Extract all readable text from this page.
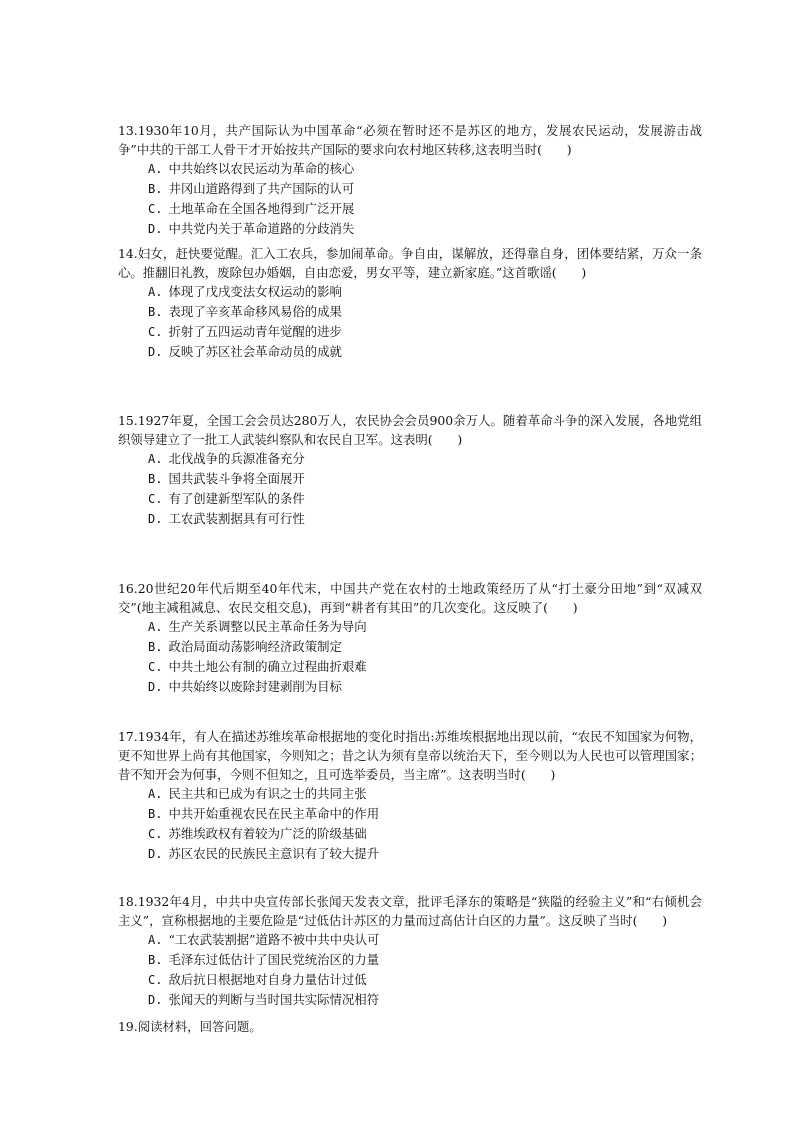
13.1930年10月，共产国际认为中国革命“必须在暂时还不是苏区的地方，发展农民运动，发展游击战争”中共的干部工人骨干才开始按共产国际的要求向农村地区转移,这表明当时(　　)

A. 中共始终以农民运动为革命的核心
B. 井冈山道路得到了共产国际的认可
C. 土地革命在全国各地得到广泛开展
D. 中共党内关于革命道路的分歧消失

14.妇女，赶快要觉醒。汇入工农兵，参加闹革命。争自由，谋解放，还得靠自身，团体要结紧，万众一条心。推翻旧礼教，废除包办婚姻，自由恋爱，男女平等，建立新家庭。”这首歌谣(　　)

A. 体现了戊戌变法女权运动的影响
B. 表现了辛亥革命移风易俗的成果
C. 折射了五四运动青年觉醒的进步
D. 反映了苏区社会革命动员的成就

15.1927年夏，全国工会会员达280万人，农民协会会员900余万人。随着革命斗争的深入发展，各地党组织领导建立了一批工人武装纠察队和农民自卫军。这表明(　　)

A. 北伐战争的兵源准备充分
B. 国共武装斗争将全面展开
C. 有了创建新型军队的条件
D. 工农武装割据具有可行性

16.20世纪20年代后期至40年代末，中国共产党在农村的土地政策经历了从“打土豪分田地”到“双减双交”(地主减租减息、农民交租交息)，再到“耕者有其田”的几次变化。这反映了(　　)

A. 生产关系调整以民主革命任务为导向
B. 政治局面动荡影响经济政策制定
C. 中共土地公有制的确立过程曲折艰难
D. 中共始终以废除封建剥削为目标

17.1934年，有人在描述苏维埃革命根据地的变化时指出:苏维埃根据地出现以前，“农民不知国家为何物，更不知世界上尚有其他国家，今则知之；昔之认为须有皇帝以统治天下，至今则以为人民也可以管理国家；昔不知开会为何事，今则不但知之，且可选举委员，当主席”。这表明当时(　　)

A. 民主共和已成为有识之士的共同主张
B. 中共开始重视农民在民主革命中的作用
C. 苏维埃政权有着较为广泛的阶级基础
D. 苏区农民的民族民主意识有了较大提升

18.1932年4月，中共中央宣传部长张闻天发表文章，批评毛泽东的策略是“狭隘的经验主义”和“右倾机会主义”，宣称根据地的主要危险是“过低估计苏区的力量而过高估计白区的力量”。这反映了当时(　　)

A. “工农武装割据”道路不被中共中央认可
B. 毛泽东过低估计了国民党统治区的力量
C. 敌后抗日根据地对自身力量估计过低
D. 张闻天的判断与当时国共实际情况相符

19.阅读材料，回答问题。
